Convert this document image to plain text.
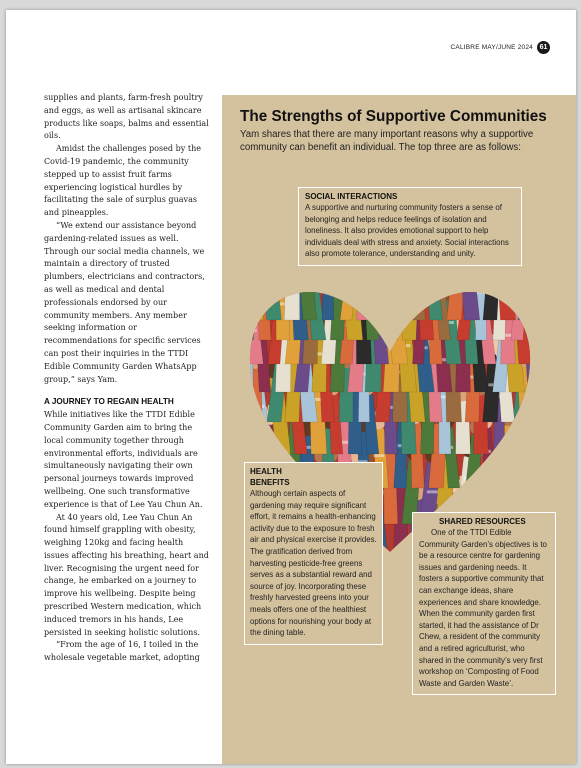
CALIBRE MAY/JUNE 2024 61

supplies and plants, farm-fresh poultry and eggs, as well as artisanal skincare products like soaps, balms and essential oils.

Amidst the challenges posed by the Covid-19 pandemic, the community stepped up to assist fruit farms experiencing logistical hurdles by facilitating the sale of surplus guavas and pineapples.

“We extend our assistance beyond gardening-related issues as well. Through our social media channels, we maintain a directory of trusted plumbers, electricians and contractors, as well as medical and dental professionals endorsed by our community members. Any member seeking information or recommendations for specific services can post their inquiries in the TTDI Edible Community Garden WhatsApp group,” says Yam.

A JOURNEY TO REGAIN HEALTH

While initiatives like the TTDI Edible Community Garden aim to bring the local community together through environmental efforts, individuals are simultaneously navigating their own personal journeys towards improved wellbeing. One such transformative experience is that of Lee Yau Chun An.

At 40 years old, Lee Yau Chun An found himself grappling with obesity, weighing 120kg and facing health issues affecting his breathing, heart and liver. Recognising the urgent need for change, he embarked on a journey to improve his wellbeing. Despite being prescribed Western medication, which induced tremors in his hands, Lee persisted in seeking holistic solutions.

“From the age of 16, I toiled in the wholesale vegetable market, adopting

The Strengths of Supportive Communities
Yam shares that there are many important reasons why a supportive community can benefit an individual. The top three are as follows:
SOCIAL INTERACTIONS

A supportive and nurturing community fosters a sense of belonging and helps reduce feelings of isolation and loneliness. It also provides emotional support to help individuals deal with stress and anxiety. Social interactions also promote tolerance, understanding and unity.

HEALTH
BENEFITS

Although certain aspects of gardening may require significant effort, it remains a health-enhancing activity due to the exposure to fresh air and physical exercise it provides. The gratification derived from harvesting pesticide-free greens serves as a substantial reward and source of joy. Incorporating these freshly harvested greens into your meals offers one of the healthiest options for nourishing your body at the dining table.

SHARED RESOURCES

One of the TTDI Edible Community Garden’s objectives is to be a resource centre for gardening issues and gardening needs. It fosters a supportive community that can exchange ideas, share experiences and share knowledge. When the community garden first started, it had the assistance of Dr Chew, a resident of the community and a retired agriculturist, who shared in the community’s very first workshop on ‘Composting of Food Waste and Garden Waste’.
